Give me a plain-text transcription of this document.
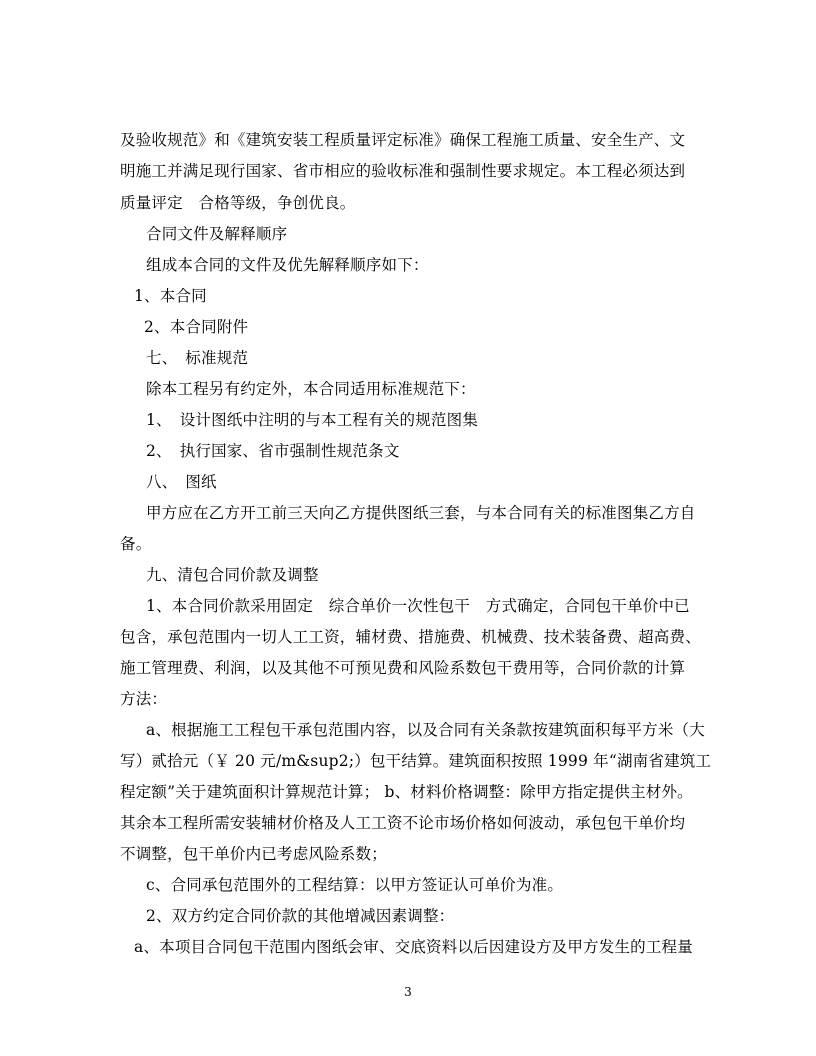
及验收规范》和《建筑安装工程质量评定标准》确保工程施工质量、安全生产、文
明施工并满足现行国家、省市相应的验收标准和强制性要求规定。本工程必须达到
质量评定　合格等级，争创优良。
合同文件及解释顺序
组成本合同的文件及优先解释顺序如下：
1、本合同
2、本合同附件
七、　标准规范
除本工程另有约定外，本合同适用标准规范下：
1、　设计图纸中注明的与本工程有关的规范图集
2、　执行国家、省市强制性规范条文
八、　图纸
甲方应在乙方开工前三天向乙方提供图纸三套，与本合同有关的标准图集乙方自
备。
九、清包合同价款及调整
1、本合同价款采用固定　综合单价一次性包干　方式确定，合同包干单价中已
包含，承包范围内一切人工工资，辅材费、措施费、机械费、技术装备费、超高费、
施工管理费、利润，以及其他不可预见费和风险系数包干费用等，合同价款的计算
方法：
a、根据施工工程包干承包范围内容，以及合同有关条款按建筑面积每平方米（大
写）贰拾元（￥ 20 元/m&sup2;）包干结算。建筑面积按照 1999 年“湖南省建筑工
程定额”关于建筑面积计算规范计算； b、材料价格调整：除甲方指定提供主材外。
其余本工程所需安装辅材价格及人工工资不论市场价格如何波动，承包包干单价均
不调整，包干单价内已考虑风险系数；
c、合同承包范围外的工程结算：以甲方签证认可单价为准。
2、双方约定合同价款的其他增减因素调整：
a、本项目合同包干范围内图纸会审、交底资料以后因建设方及甲方发生的工程量
3
